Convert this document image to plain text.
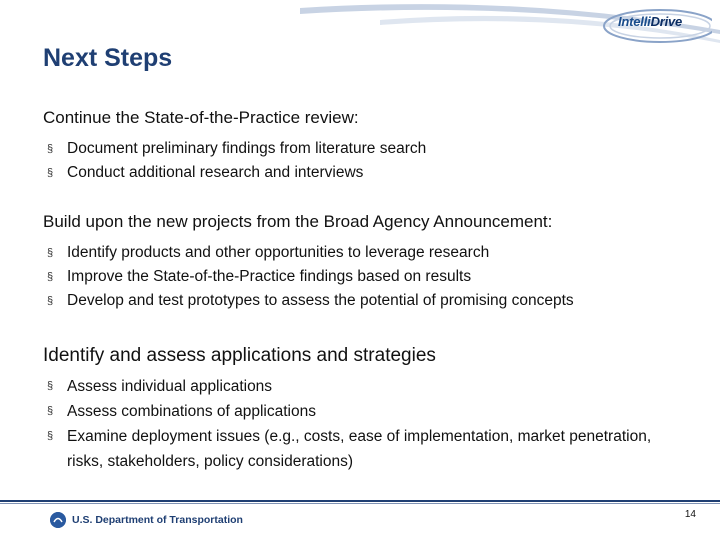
IntelliDrive
Next Steps

Continue the State-of-the-Practice review:

§ Document preliminary findings from literature search
§ Conduct additional research and interviews

Build upon the new projects from the Broad Agency Announcement:

§ Identify products and other opportunities to leverage research
§ Improve the State-of-the-Practice findings based on results
§ Develop and test prototypes to assess the potential of promising concepts

Identify and assess applications and strategies

§ Assess individual applications
§ Assess combinations of applications
§ Examine deployment issues (e.g., costs, ease of implementation, market penetration, risks, stakeholders, policy considerations)
U.S. Department of Transportation	14
